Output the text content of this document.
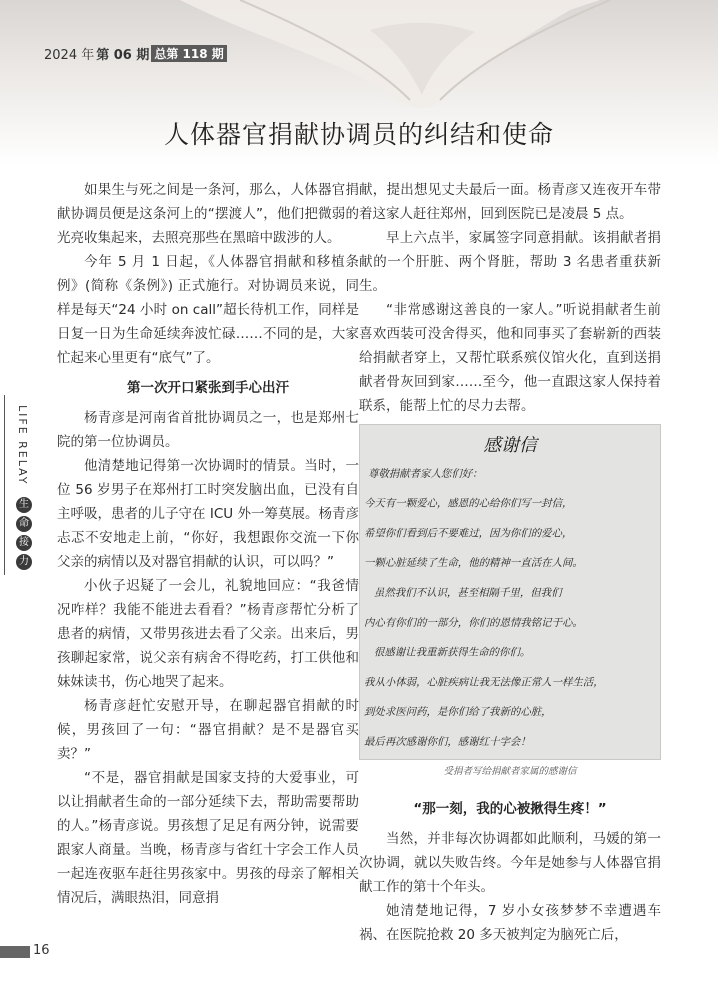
2024 年 第 06 期 总第 118 期
人体器官捐献协调员的纠结和使命
LIFE RELAY
生
命
接
力

如果生与死之间是一条河，那么，人体器官捐献协调员便是这条河上的“摆渡人”，他们把微弱的光亮收集起来，去照亮那些在黑暗中跋涉的人。

今年 5 月 1 日起，《人体器官捐献和移植条例》(简称《条例》) 正式施行。对协调员来说，同样是每天“24 小时 on call”超长待机工作，同样是日复一日为生命延续奔波忙碌……不同的是，大家忙起来心里更有“底气”了。

第一次开口紧张到手心出汗

杨青彦是河南省首批协调员之一，也是郑州七院的第一位协调员。

他清楚地记得第一次协调时的情景。当时，一位 56 岁男子在郑州打工时突发脑出血，已没有自主呼吸，患者的儿子守在 ICU 外一筹莫展。杨青彦忐忑不安地走上前，“你好，我想跟你交流一下你父亲的病情以及对器官捐献的认识，可以吗？”

小伙子迟疑了一会儿，礼貌地回应：“我爸情况咋样？我能不能进去看看？”杨青彦帮忙分析了患者的病情，又带男孩进去看了父亲。出来后，男孩聊起家常，说父亲有病舍不得吃药，打工供他和妹妹读书，伤心地哭了起来。

杨青彦赶忙安慰开导，在聊起器官捐献的时候，男孩回了一句：“器官捐献？是不是器官买卖？”

“不是，器官捐献是国家支持的大爱事业，可以让捐献者生命的一部分延续下去，帮助需要帮助的人。”杨青彦说。男孩想了足足有两分钟，说需要跟家人商量。当晚，杨青彦与省红十字会工作人员一起连夜驱车赶往男孩家中。男孩的母亲了解相关情况后，满眼热泪，同意捐

献，提出想见丈夫最后一面。杨青彦又连夜开车带着这家人赶往郑州，回到医院已是凌晨 5 点。

早上六点半，家属签字同意捐献。该捐献者捐献的一个肝脏、两个肾脏，帮助 3 名患者重获新生。

“非常感谢这善良的一家人。”听说捐献者生前喜欢西装可没舍得买，他和同事买了套崭新的西装给捐献者穿上，又帮忙联系殡仪馆火化，直到送捐献者骨灰回到家……至今，他一直跟这家人保持着联系，能帮上忙的尽力去帮。

感谢信
尊敬捐献者家人您们好：
今天有一颗爱心，感恩的心给你们写一封信，
希望你们看到后不要难过，因为你们的爱心，
一颗心脏延续了生命，他的精神一直活在人间。
虽然我们不认识，甚至相隔千里，但我们
内心有你们的一部分，你们的恩情我铭记于心。
很感谢让我重新获得生命的你们。
我从小体弱，心脏疾病让我无法像正常人一样生活，
到处求医问药，是你们给了我新的心脏，
最后再次感谢你们，感谢红十字会！
受捐者写给捐献者家属的感谢信
“那一刻，我的心被揪得生疼！”

当然，并非每次协调都如此顺利，马媛的第一次协调，就以失败告终。今年是她参与人体器官捐献工作的第十个年头。

她清楚地记得，7 岁小女孩梦梦不幸遭遇车祸、在医院抢救 20 多天被判定为脑死亡后，

16
